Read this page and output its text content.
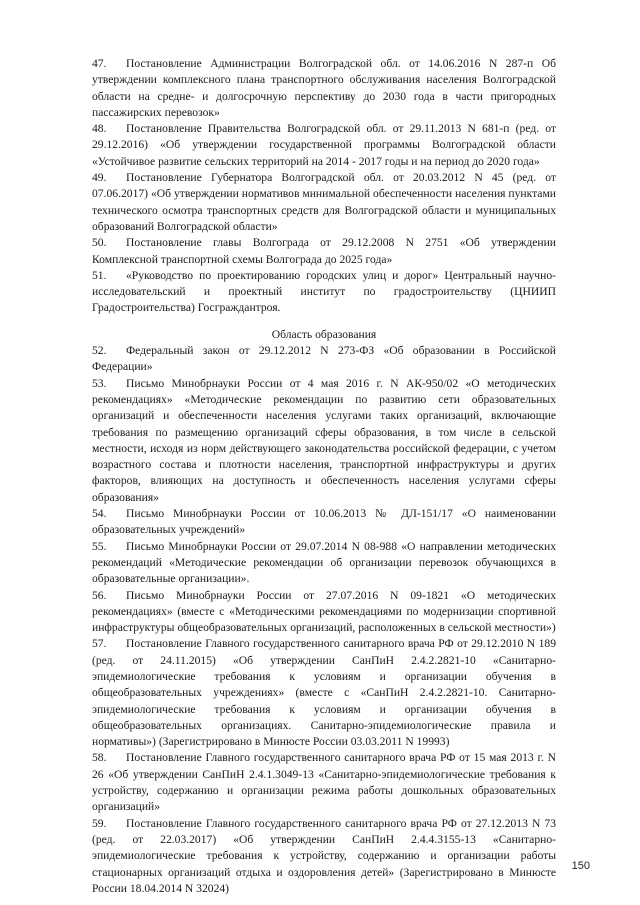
47. Постановление Администрации Волгоградской обл. от 14.06.2016 N 287-п Об утверждении комплексного плана транспортного обслуживания населения Волгоградской области на средне- и долгосрочную перспективу до 2030 года в части пригородных пассажирских перевозок»

48. Постановление Правительства Волгоградской обл. от 29.11.2013 N 681-п (ред. от 29.12.2016) «Об утверждении государственной программы Волгоградской области «Устойчивое развитие сельских территорий на 2014 - 2017 годы и на период до 2020 года»

49. Постановление Губернатора Волгоградской обл. от 20.03.2012 N 45 (ред. от 07.06.2017) «Об утверждении нормативов минимальной обеспеченности населения пунктами технического осмотра транспортных средств для Волгоградской области и муниципальных образований Волгоградской области»

50. Постановление главы Волгограда от 29.12.2008 N 2751 «Об утверждении Комплексной транспортной схемы Волгограда до 2025 года»

51. «Руководство по проектированию городских улиц и дорог» Центральный научно-исследовательский и проектный институт по градостроительству (ЦНИИП Градостроительства) Госграждантроя.

Область образования

52. Федеральный закон от 29.12.2012 N 273-ФЗ «Об образовании в Российской Федерации»

53. Письмо Минобрнауки России от 4 мая 2016 г. N АК-950/02 «О методических рекомендациях» «Методические рекомендации по развитию сети образовательных организаций и обеспеченности населения услугами таких организаций, включающие требования по размещению организаций сферы образования, в том числе в сельской местности, исходя из норм действующего законодательства российской федерации, с учетом возрастного состава и плотности населения, транспортной инфраструктуры и других факторов, влияющих на доступность и обеспеченность населения услугами сферы образования»

54. Письмо Минобрнауки России от 10.06.2013 № ДЛ-151/17 «О наименовании образовательных учреждений»

55. Письмо Минобрнауки России от 29.07.2014 N 08-988 «О направлении методических рекомендаций «Методические рекомендации об организации перевозок обучающихся в образовательные организации».

56. Письмо Минобрнауки России от 27.07.2016 N 09-1821 «О методических рекомендациях» (вместе с «Методическими рекомендациями по модернизации спортивной инфраструктуры общеобразовательных организаций, расположенных в сельской местности»)

57. Постановление Главного государственного санитарного врача РФ от 29.12.2010 N 189 (ред. от 24.11.2015) «Об утверждении СанПиН 2.4.2.2821-10 «Санитарно-эпидемиологические требования к условиям и организации обучения в общеобразовательных учреждениях» (вместе с «СанПиН 2.4.2.2821-10. Санитарно-эпидемиологические требования к условиям и организации обучения в общеобразовательных организациях. Санитарно-эпидемиологические правила и нормативы») (Зарегистрировано в Минюсте России 03.03.2011 N 19993)

58. Постановление Главного государственного санитарного врача РФ от 15 мая 2013 г. N 26 «Об утверждении СанПиН 2.4.1.3049-13 «Санитарно-эпидемиологические требования к устройству, содержанию и организации режима работы дошкольных образовательных организаций»

59. Постановление Главного государственного санитарного врача РФ от 27.12.2013 N 73 (ред. от 22.03.2017) «Об утверждении СанПиН 2.4.4.3155-13 «Санитарно-эпидемиологические требования к устройству, содержанию и организации работы стационарных организаций отдыха и оздоровления детей» (Зарегистрировано в Минюсте России 18.04.2014 N 32024)

150
